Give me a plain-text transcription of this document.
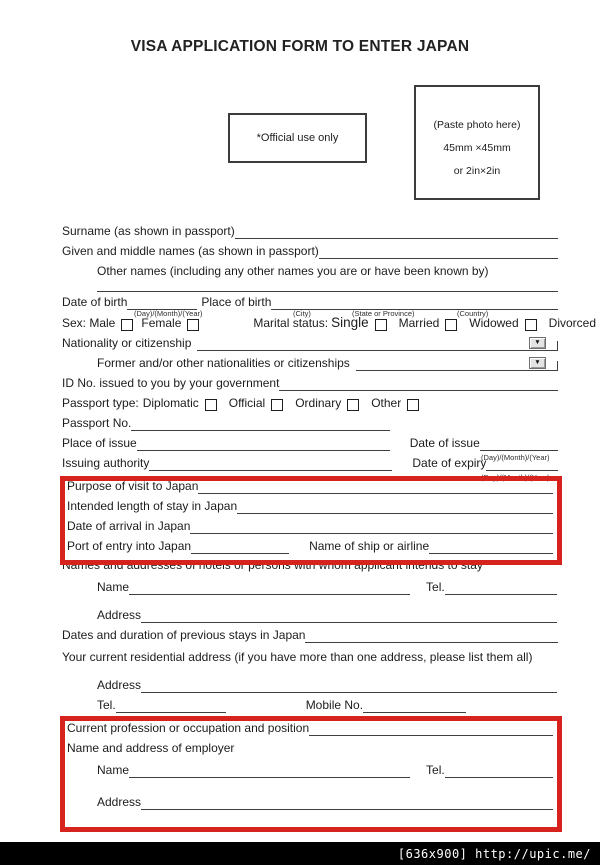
VISA APPLICATION FORM TO ENTER JAPAN
*Official use only
(Paste photo here)
45mm ×45mm
or 2in×2in
Surname (as shown in passport)
Given and middle names (as shown in passport)
Other names (including any other names you are or have been known by)
Date of birth	Place of birth
(Day)/(Month)/(Year)	(City)	(State or Province)	(Country)
Sex: Male Female	Marital status: Single	Married	Widowed	Divorced
Nationality or citizenship	▼
Former and/or other nationalities or citizenships	▼
ID No. issued to you by your government
Passport type: Diplomatic	Official	Ordinary	Other
Passport No.
Place of issue	Date of issue
(Day)/(Month)/(Year)
Issuing authority	Date of expiry
(Day)/(Month)/(Year)
Purpose of visit to Japan
Intended length of stay in Japan
Date of arrival in Japan
Port of entry into Japan	Name of ship or airline
Names and addresses of hotels or persons with whom applicant intends to stay
Name	Tel.
Address
Dates and duration of previous stays in Japan
Your current residential address (if you have more than one address, please list them all)
Address
Tel.	Mobile No.
Current profession or occupation and position
Name and address of employer
Name	Tel.
Address
[636x900] http://upic.me/
